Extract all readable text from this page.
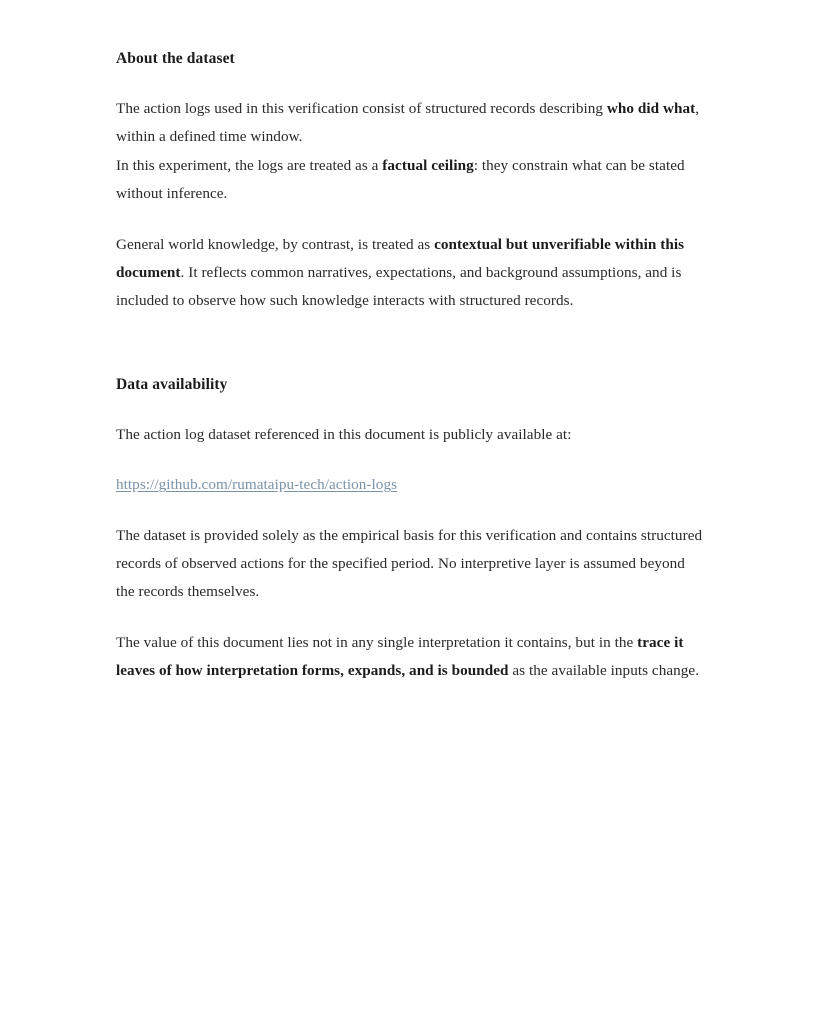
About the dataset

The action logs used in this verification consist of structured records describing who did what, within a defined time window.

In this experiment, the logs are treated as a factual ceiling: they constrain what can be stated without inference.

General world knowledge, by contrast, is treated as contextual but unverifiable within this document. It reflects common narratives, expectations, and background assumptions, and is included to observe how such knowledge interacts with structured records.

Data availability

The action log dataset referenced in this document is publicly available at:

https://github.com/rumataipu-tech/action-logs

The dataset is provided solely as the empirical basis for this verification and contains structured records of observed actions for the specified period. No interpretive layer is assumed beyond the records themselves.

The value of this document lies not in any single interpretation it contains, but in the trace it leaves of how interpretation forms, expands, and is bounded as the available inputs change.
